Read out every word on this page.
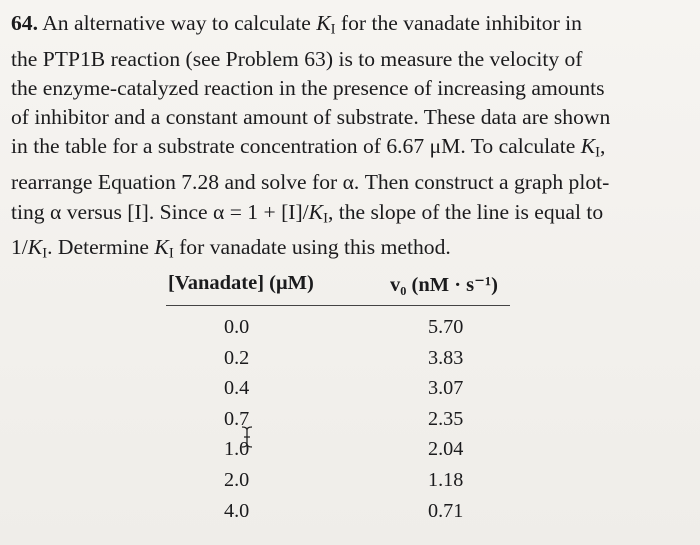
64. An alternative way to calculate $K_I$ for the vanadate inhibitor in
the PTP1B reaction (see Problem 63) is to measure the velocity of
the enzyme-catalyzed reaction in the presence of increasing amounts
of inhibitor and a constant amount of substrate. These data are shown
in the table for a substrate concentration of 6.67 μM. To calculate $K_I$,
rearrange Equation 7.28 and solve for α. Then construct a graph plot-
ting α versus [I]. Since $\alpha = 1 + [I]/K_I$, the slope of the line is equal to
$1/K_I$. Determine $K_I$ for vanadate using this method.
[Vanadate] (μM)	v₀ (nM · s⁻¹)
0.0	5.70
0.2	3.83
0.4	3.07
0.7	2.35
1.0	2.04
2.0	1.18
4.0	0.71
